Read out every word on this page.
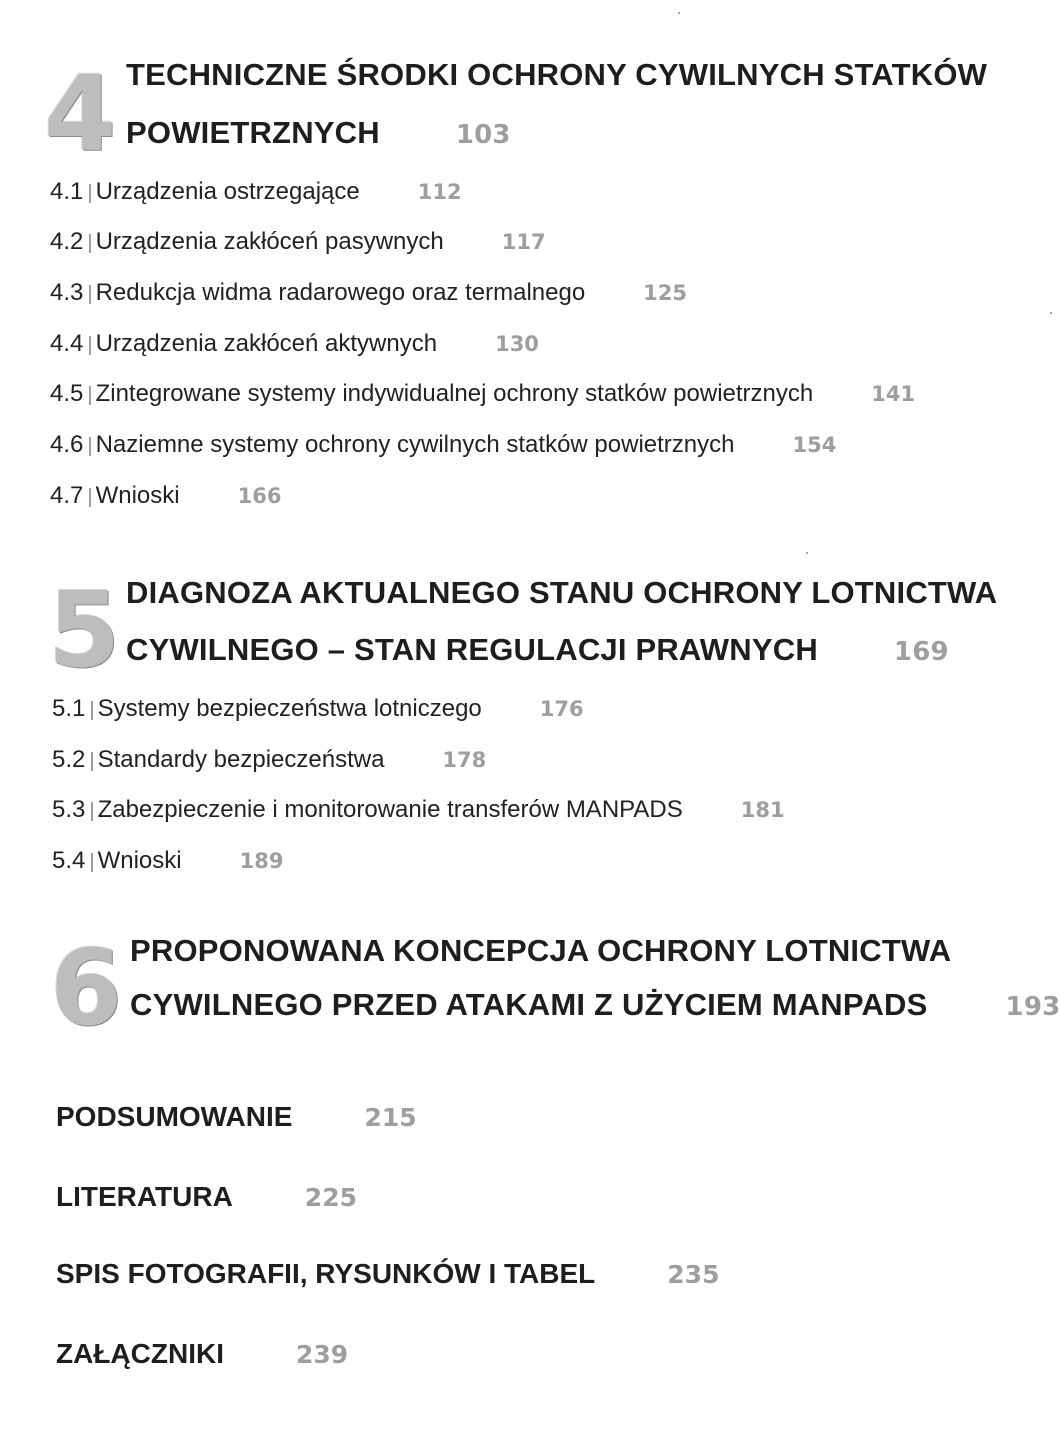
4 TECHNICZNE ŚRODKI OCHRONY CYWILNYCH STATKÓW
POWIETRZNYCH	103
4.1 | Urządzenia ostrzegające	112
4.2 | Urządzenia zakłóceń pasywnych	117
4.3 | Redukcja widma radarowego oraz termalnego	125
4.4 | Urządzenia zakłóceń aktywnych	130
4.5 | Zintegrowane systemy indywidualnej ochrony statków powietrznych	141
4.6 | Naziemne systemy ochrony cywilnych statków powietrznych	154
4.7 | Wnioski	166
5 DIAGNOZA AKTUALNEGO STANU OCHRONY LOTNICTWA
CYWILNEGO – STAN REGULACJI PRAWNYCH	169
5.1 | Systemy bezpieczeństwa lotniczego	176
5.2 | Standardy bezpieczeństwa	178
5.3 | Zabezpieczenie i monitorowanie transferów MANPADS	181
5.4 | Wnioski	189
6 PROPONOWANA KONCEPCJA OCHRONY LOTNICTWA
CYWILNEGO PRZED ATAKAMI Z UŻYCIEM MANPADS	193
PODSUMOWANIE	215
LITERATURA	225
SPIS FOTOGRAFII, RYSUNKÓW I TABEL	235
ZAŁĄCZNIKI	239
